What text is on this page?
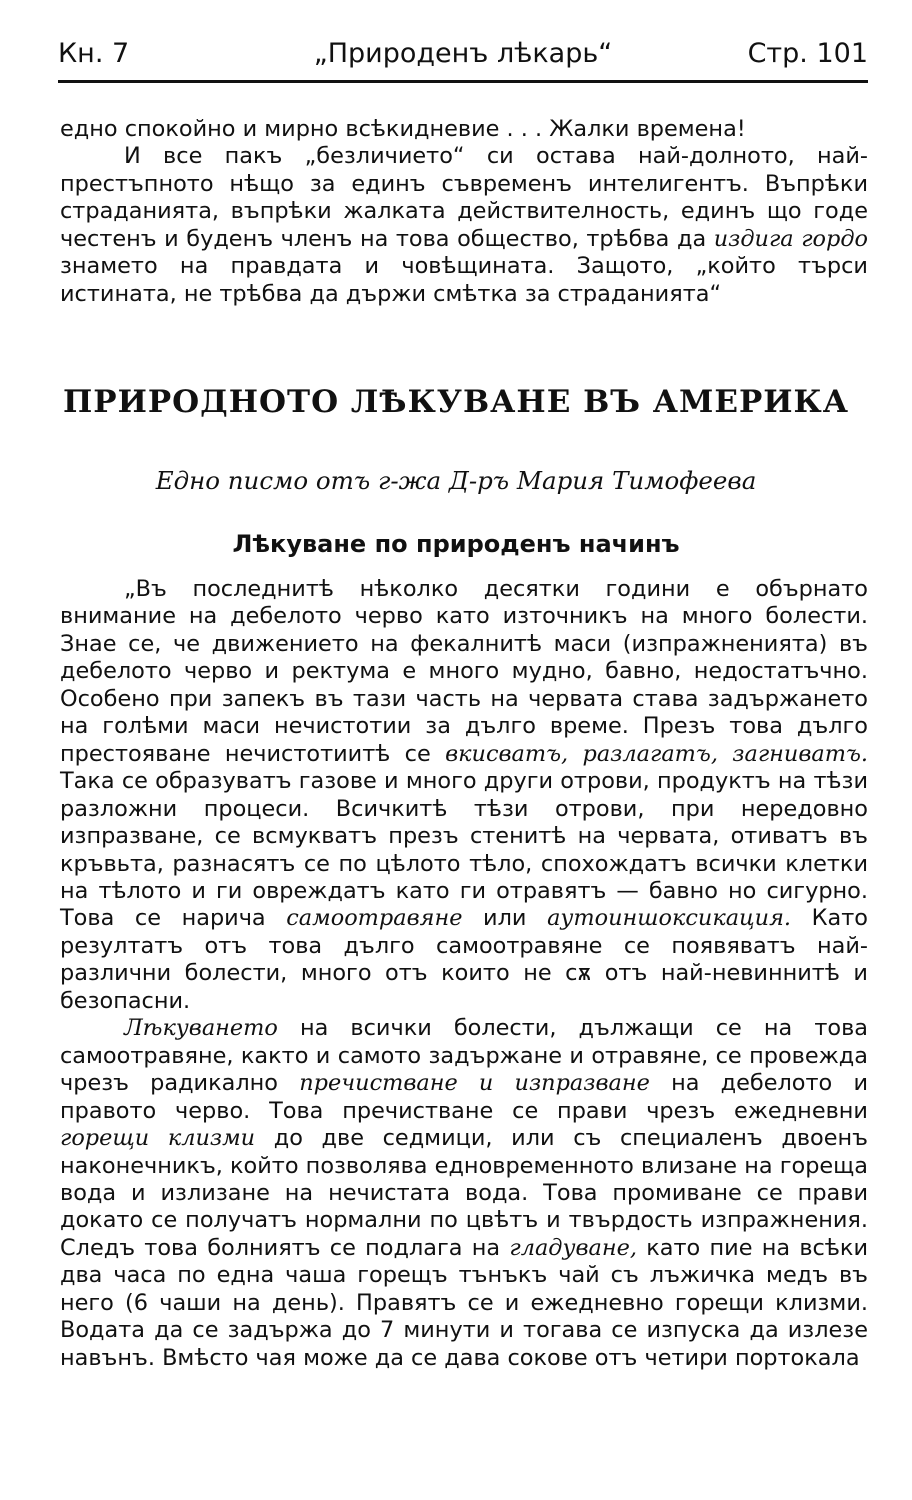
Кн. 7	„Природенъ лѣкарь“	Стр. 101

едно спокойно и мирно всѣкидневие . . . Жалки времена!

И все пакъ „безличието“ си остава най-долното, най-престъпното нѣщо за единъ съвременъ интелигентъ. Въпрѣки страданията, въпрѣки жалката действителность, единъ що годе честенъ и буденъ членъ на това общество, трѣбва да издига гордо знамето на правдата и човѣщината. Защото, „който търси истината, не трѣбва да държи смѣтка за страданията“

ПРИРОДНОТО ЛѢКУВАНЕ ВЪ АМЕРИКА

Едно писмо отъ г-жа Д-ръ Мария Тимофеева

Лѣкуване по природенъ начинъ

„Въ последнитѣ нѣколко десятки години е обърнато внимание на дебелото черво като източникъ на много болести. Знае се, че движението на фекалнитѣ маси (изпражненията) въ дебелото черво и ректума е много мудно, бавно, недостатъчно. Особено при запекъ въ тази часть на червата става задържането на голѣми маси нечистотии за дълго време. Презъ това дълго престояване нечистотиитѣ се вкисватъ, разлагатъ, загниватъ. Така се образуватъ газове и много други отрови, продуктъ на тѣзи разложни процеси. Всичкитѣ тѣзи отрови, при нередовно изпразване, се всмукватъ презъ стенитѣ на червата, отиватъ въ кръвьта, разнасятъ се по цѣлото тѣло, спохождатъ всички клетки на тѣлото и ги овреждатъ като ги отравятъ — бавно но сигурно. Това се нарича самоотравяне или аутоиншоксикация. Като резултатъ отъ това дълго самоотравяне се появяватъ най-различни болести, много отъ които не сѫ отъ най-невиннитѣ и безопасни.

Лѣкуването на всички болести, дължащи се на това самоотравяне, както и самото задържане и отравяне, се провежда чрезъ радикално пречистване и изпразване на дебелото и правото черво. Това пречистване се прави чрезъ ежедневни горещи клизми до две седмици, или съ специаленъ двоенъ наконечникъ, който позволява едновременното влизане на гореща вода и излизане на нечистата вода. Това промиване се прави докато се получатъ нормални по цвѣтъ и твърдость изпражнения. Следъ това болниятъ се подлага на гладуване, като пие на всѣки два часа по една чаша горещъ тънъкъ чай съ лъжичка медъ въ него (6 чаши на день). Правятъ се и ежедневно горещи клизми. Водата да се задържа до 7 минути и тогава се изпуска да излезе навънъ. Вмѣсто чая може да се дава сокове отъ четири портокала
